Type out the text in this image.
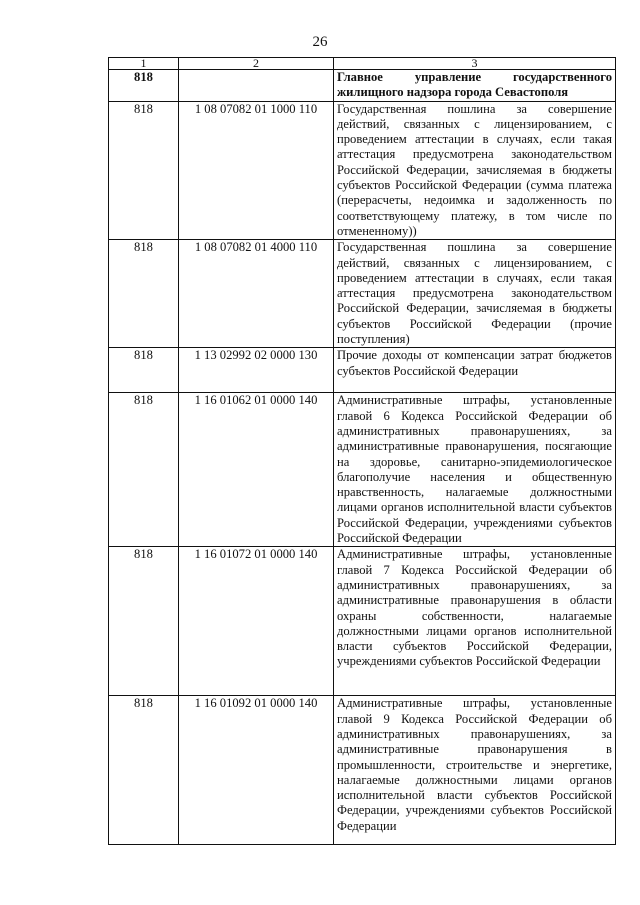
26
1	2	3
818		Главное управление государственного жилищного надзора города Севастополя
818	1 08 07082 01 1000 110	Государственная пошлина за совершение действий, связанных с лицензированием, с проведением аттестации в случаях, если такая аттестация предусмотрена законодательством Российской Федерации, зачисляемая в бюджеты субъектов Российской Федерации (сумма платежа (перерасчеты, недоимка и задолженность по соответствующему платежу, в том числе по отмененному))
818	1 08 07082 01 4000 110	Государственная пошлина за совершение действий, связанных с лицензированием, с проведением аттестации в случаях, если такая аттестация предусмотрена законодательством Российской Федерации, зачисляемая в бюджеты субъектов Российской Федерации (прочие поступления)
818	1 13 02992 02 0000 130	Прочие доходы от компенсации затрат бюджетов субъектов Российской Федерации
818	1 16 01062 01 0000 140	Административные штрафы, установленные главой 6 Кодекса Российской Федерации об административных правонарушениях, за административные правонарушения, посягающие на здоровье, санитарно-эпидемиологическое благополучие населения и общественную нравственность, налагаемые должностными лицами органов исполнительной власти субъектов Российской Федерации, учреждениями субъектов Российской Федерации
818	1 16 01072 01 0000 140	Административные штрафы, установленные главой 7 Кодекса Российской Федерации об административных правонарушениях, за административные правонарушения в области охраны собственности, налагаемые должностными лицами органов исполнительной власти субъектов Российской Федерации, учреждениями субъектов Российской Федерации
818	1 16 01092 01 0000 140	Административные штрафы, установленные главой 9 Кодекса Российской Федерации об административных правонарушениях, за административные правонарушения в промышленности, строительстве и энергетике, налагаемые должностными лицами органов исполнительной власти субъектов Российской Федерации, учреждениями субъектов Российской Федерации
